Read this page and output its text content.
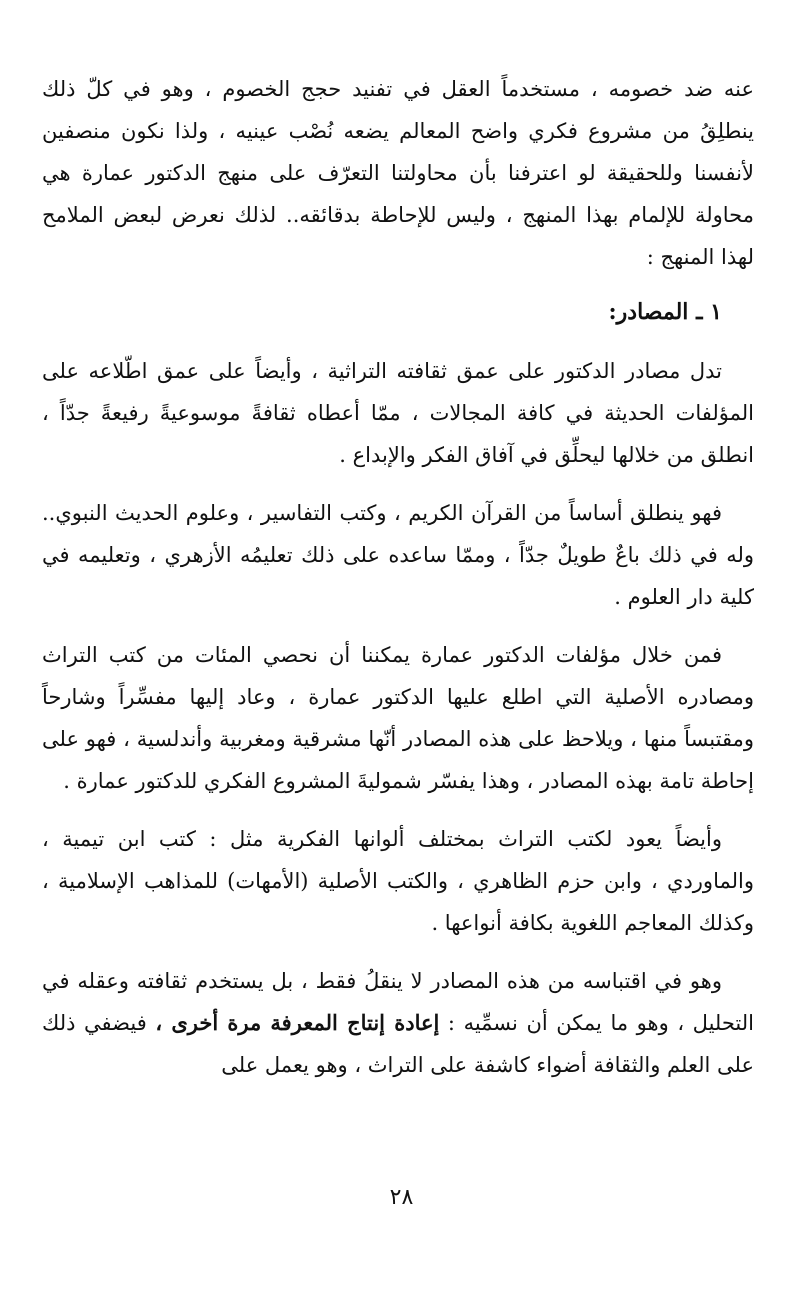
عنه ضد خصومه ، مستخدماً العقل في تفنيد حجج الخصوم ، وهو في كلّ ذلك ينطلِقُ من مشروع فكري واضح المعالم يضعه نُصْب عينيه ، ولذا نكون منصفين لأنفسنا وللحقيقة لو اعترفنا بأن محاولتنا التعرّف على منهج الدكتور عمارة هي محاولة للإلمام بهذا المنهج ، وليس للإحاطة بدقائقه.. لذلك نعرض لبعض الملامح لهذا المنهج :

١ ـ المصادر:

تدل مصادر الدكتور على عمق ثقافته التراثية ، وأيضاً على عمق اطّلاعه على المؤلفات الحديثة في كافة المجالات ، ممّا أعطاه ثقافةً موسوعيةً رفيعةً جدّاً ، انطلق من خلالها ليحلِّق في آفاق الفكر والإبداع .

فهو ينطلق أساساً من القرآن الكريم ، وكتب التفاسير ، وعلوم الحديث النبوي.. وله في ذلك باعٌ طويلٌ جدّاً ، وممّا ساعده على ذلك تعليمُه الأزهري ، وتعليمه في كلية دار العلوم .

فمن خلال مؤلفات الدكتور عمارة يمكننا أن نحصي المئات من كتب التراث ومصادره الأصلية التي اطلع عليها الدكتور عمارة ، وعاد إليها مفسِّراً وشارحاً ومقتبساً منها ، ويلاحظ على هذه المصادر أنّها مشرقية ومغربية وأندلسية ، فهو على إحاطة تامة بهذه المصادر ، وهذا يفسّر شموليةَ المشروع الفكري للدكتور عمارة .

وأيضاً يعود لكتب التراث بمختلف ألوانها الفكرية مثل : كتب ابن تيمية ، والماوردي ، وابن حزم الظاهري ، والكتب الأصلية (الأمهات) للمذاهب الإسلامية ، وكذلك المعاجم اللغوية بكافة أنواعها .

وهو في اقتباسه من هذه المصادر لا ينقلُ فقط ، بل يستخدم ثقافته وعقله في التحليل ، وهو ما يمكن أن نسمِّيه : إعادة إنتاج المعرفة مرة أخرى ، فيضفي ذلك على العلم والثقافة أضواء كاشفة على التراث ، وهو يعمل على

٢٨
